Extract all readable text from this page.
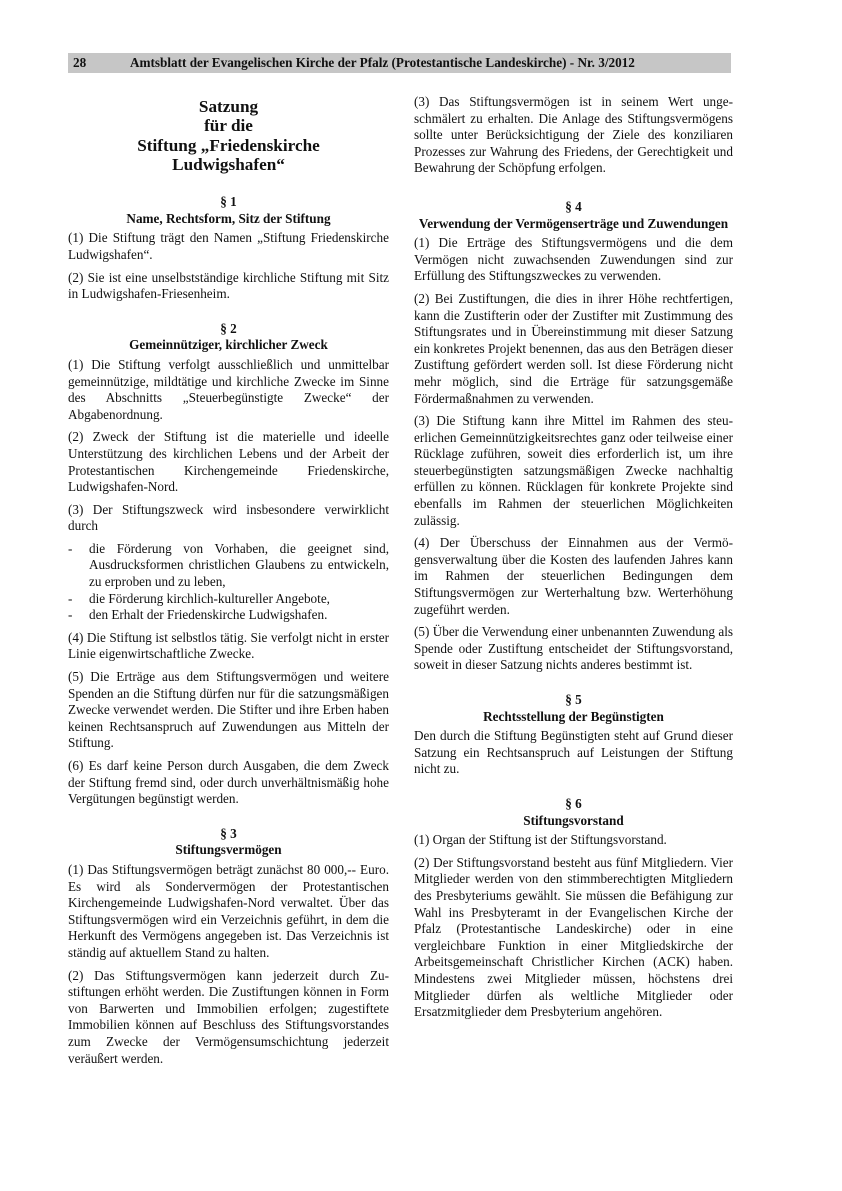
28	Amtsblatt der Evangelischen Kirche der Pfalz (Protestantische Landeskirche) - Nr. 3/2012
Satzung
für die
Stiftung „Friedenskirche
Ludwigshafen“
§ 1
Name, Rechtsform, Sitz der Stiftung

(1) Die Stiftung trägt den Namen „Stiftung Friedenskirche Ludwigshafen“.

(2) Sie ist eine unselbstständige kirchliche Stiftung mit Sitz in Ludwigshafen-Friesenheim.

§ 2
Gemeinnütziger, kirchlicher Zweck

(1) Die Stiftung verfolgt ausschließlich und unmittelbar gemeinnützige, mildtätige und kirchliche Zwecke im Sinne des Abschnitts „Steuerbegünstigte Zwecke“ der Abgabenordnung.

(2) Zweck der Stiftung ist die materielle und ideelle Unterstützung des kirchlichen Lebens und der Arbeit der Protestantischen Kirchengemeinde Friedenskirche, Ludwigshafen-Nord.

(3) Der Stiftungszweck wird insbesondere verwirklicht durch

- die Förderung von Vorhaben, die geeignet sind, Ausdrucksformen christlichen Glaubens zu entwickeln, zu erproben und zu leben,
- die Förderung kirchlich-kultureller Angebote,
- den Erhalt der Friedenskirche Ludwigshafen.

(4) Die Stiftung ist selbstlos tätig. Sie verfolgt nicht in erster Linie eigenwirtschaftliche Zwecke.

(5) Die Erträge aus dem Stiftungsvermögen und weitere Spenden an die Stiftung dürfen nur für die satzungsmäßigen Zwecke verwendet werden. Die Stifter und ihre Erben haben keinen Rechtsanspruch auf Zuwendungen aus Mitteln der Stiftung.

(6) Es darf keine Person durch Ausgaben, die dem Zweck der Stiftung fremd sind, oder durch unverhältnismäßig hohe Vergütungen begünstigt werden.

§ 3
Stiftungsvermögen

(1) Das Stiftungsvermögen beträgt zunächst 80 000,-- Euro. Es wird als Sondervermögen der Protestantischen Kirchengemeinde Ludwigshafen-Nord verwaltet. Über das Stiftungsvermögen wird ein Verzeichnis geführt, in dem die Herkunft des Vermögens angegeben ist. Das Verzeichnis ist ständig auf aktuellem Stand zu halten.

(2) Das Stiftungsvermögen kann jederzeit durch Zustiftungen erhöht werden. Die Zustiftungen können in Form von Barwerten und Immobilien erfolgen; zugestiftete Immobilien können auf Beschluss des Stiftungsvorstandes zum Zwecke der Vermögensumschichtung jederzeit veräußert werden.

(3) Das Stiftungsvermögen ist in seinem Wert ungeschmälert zu erhalten. Die Anlage des Stiftungsvermögens sollte unter Berücksichtigung der Ziele des konziliaren Prozesses zur Wahrung des Friedens, der Gerechtigkeit und Bewahrung der Schöpfung erfolgen.

§ 4
Verwendung der Vermögenserträge und Zuwendungen

(1) Die Erträge des Stiftungsvermögens und die dem Vermögen nicht zuwachsenden Zuwendungen sind zur Erfüllung des Stiftungszweckes zu verwenden.

(2) Bei Zustiftungen, die dies in ihrer Höhe rechtfertigen, kann die Zustifterin oder der Zustifter mit Zustimmung des Stiftungsrates und in Übereinstimmung mit dieser Satzung ein konkretes Projekt benennen, das aus den Beträgen dieser Zustiftung gefördert werden soll. Ist diese Förderung nicht mehr möglich, sind die Erträge für satzungsgemäße Fördermaßnahmen zu verwenden.

(3) Die Stiftung kann ihre Mittel im Rahmen des steuerlichen Gemeinnützigkeitsrechtes ganz oder teilweise einer Rücklage zuführen, soweit dies erforderlich ist, um ihre steuerbegünstigten satzungsmäßigen Zwecke nachhaltig erfüllen zu können. Rücklagen für konkrete Projekte sind ebenfalls im Rahmen der steuerlichen Möglichkeiten zulässig.

(4) Der Überschuss der Einnahmen aus der Vermögensverwaltung über die Kosten des laufenden Jahres kann im Rahmen der steuerlichen Bedingungen dem Stiftungsvermögen zur Werterhaltung bzw. Werterhöhung zugeführt werden.

(5) Über die Verwendung einer unbenannten Zuwendung als Spende oder Zustiftung entscheidet der Stiftungsvorstand, soweit in dieser Satzung nichts anderes bestimmt ist.

§ 5
Rechtsstellung der Begünstigten

Den durch die Stiftung Begünstigten steht auf Grund dieser Satzung ein Rechtsanspruch auf Leistungen der Stiftung nicht zu.

§ 6
Stiftungsvorstand

(1) Organ der Stiftung ist der Stiftungsvorstand.

(2) Der Stiftungsvorstand besteht aus fünf Mitgliedern. Vier Mitglieder werden von den stimmberechtigten Mitgliedern des Presbyteriums gewählt. Sie müssen die Befähigung zur Wahl ins Presbyteramt in der Evangelischen Kirche der Pfalz (Protestantische Landeskirche) oder in eine vergleichbare Funktion in einer Mitgliedskirche der Arbeitsgemeinschaft Christlicher Kirchen (ACK) haben. Mindestens zwei Mitglieder müssen, höchstens drei Mitglieder dürfen als weltliche Mitglieder oder Ersatzmitglieder dem Presbyterium angehören.
